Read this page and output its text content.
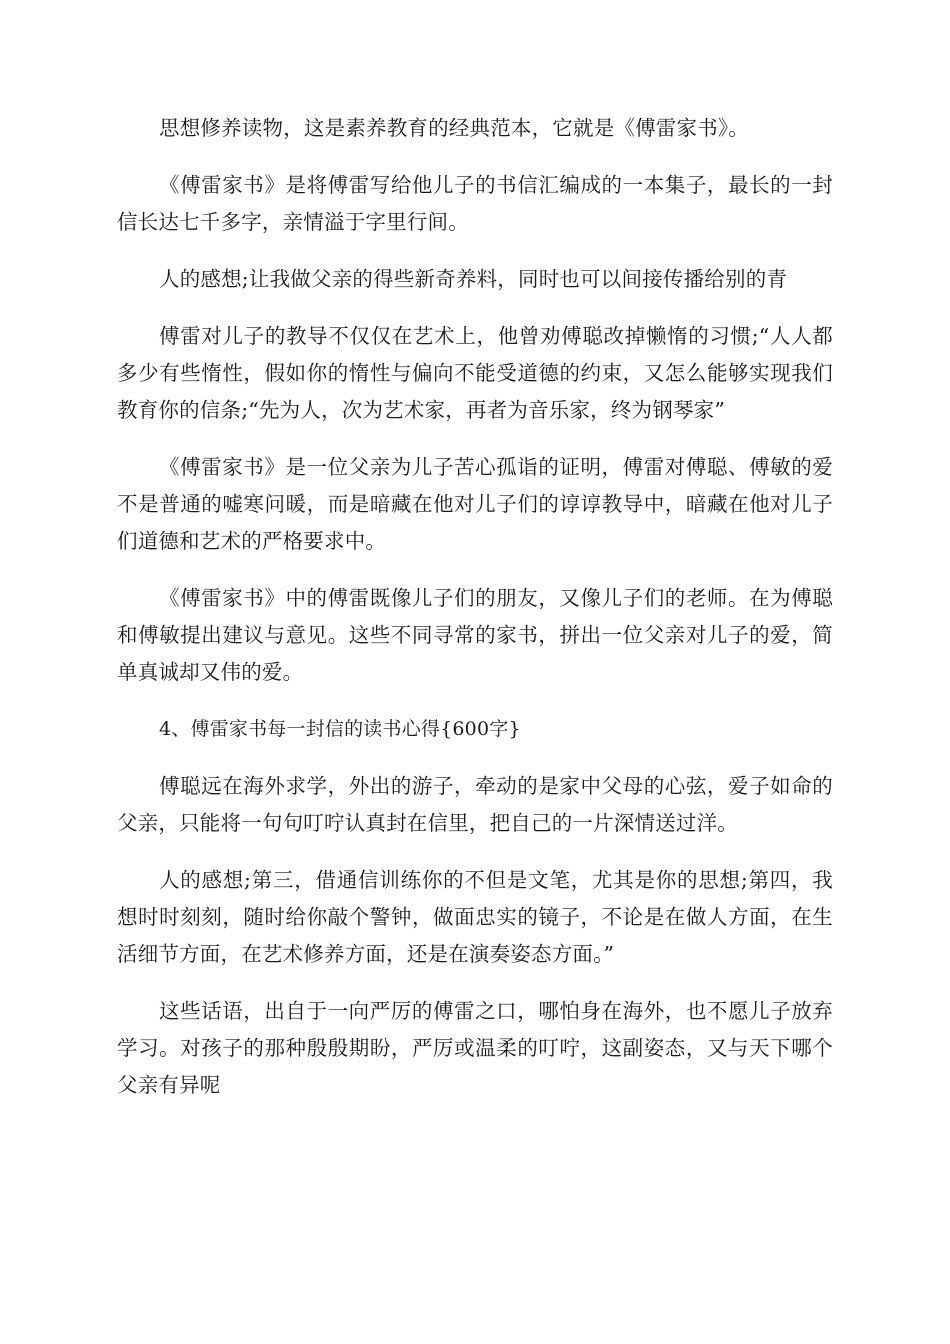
思想修养读物，这是素养教育的经典范本，它就是《傅雷家书》。

《傅雷家书》是将傅雷写给他儿子的书信汇编成的一本集子，最长的一封信长达七千多字，亲情溢于字里行间。

人的感想;让我做父亲的得些新奇养料，同时也可以间接传播给别的青

傅雷对儿子的教导不仅仅在艺术上，他曾劝傅聪改掉懒惰的习惯;“人人都多少有些惰性，假如你的惰性与偏向不能受道德的约束，又怎么能够实现我们教育你的信条;“先为人，次为艺术家，再者为音乐家，终为钢琴家”

《傅雷家书》是一位父亲为儿子苦心孤诣的证明，傅雷对傅聪、傅敏的爱不是普通的嘘寒问暖，而是暗藏在他对儿子们的谆谆教导中，暗藏在他对儿子们道德和艺术的严格要求中。

《傅雷家书》中的傅雷既像儿子们的朋友，又像儿子们的老师。在为傅聪和傅敏提出建议与意见。这些不同寻常的家书，拼出一位父亲对儿子的爱，简单真诚却又伟的爱。

4、傅雷家书每一封信的读书心得{600字}

傅聪远在海外求学，外出的游子，牵动的是家中父母的心弦，爱子如命的父亲，只能将一句句叮咛认真封在信里，把自己的一片深情送过洋。

人的感想;第三，借通信训练你的不但是文笔，尤其是你的思想;第四，我想时时刻刻，随时给你敲个警钟，做面忠实的镜子，不论是在做人方面，在生活细节方面，在艺术修养方面，还是在演奏姿态方面。”

这些话语，出自于一向严厉的傅雷之口，哪怕身在海外，也不愿儿子放弃学习。对孩子的那种殷殷期盼，严厉或温柔的叮咛，这副姿态，又与天下哪个父亲有异呢
